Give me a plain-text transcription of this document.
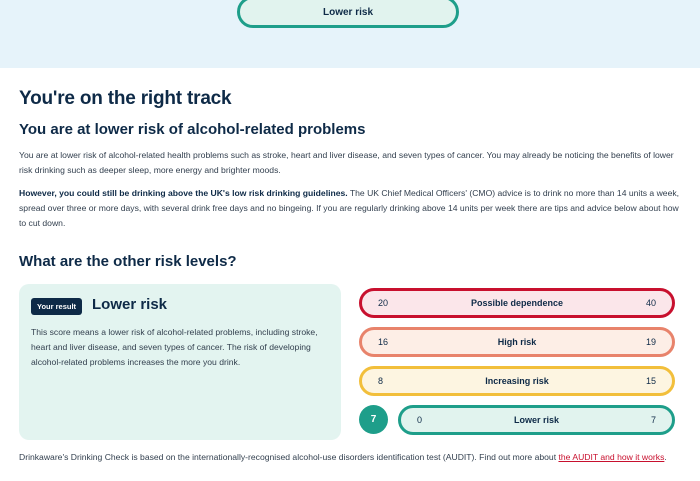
Lower risk
You're on the right track
You are at lower risk of alcohol-related problems

You are at lower risk of alcohol-related health problems such as stroke, heart and liver disease, and seven types of cancer. You may already be noticing the benefits of lower risk drinking such as deeper sleep, more energy and brighter moods.

However, you could still be drinking above the UK's low risk drinking guidelines. The UK Chief Medical Officers' (CMO) advice is to drink no more than 14 units a week, spread over three or more days, with several drink free days and no bingeing. If you are regularly drinking above 14 units per week there are tips and advice below about how to cut down.

What are the other risk levels?
Your result	Lower risk

This score means a lower risk of alcohol-related problems, including stroke, heart and liver disease, and seven types of cancer. The risk of developing alcohol-related problems increases the more you drink.

20	Possible dependence	40
16	High risk	19
8	Increasing risk	15
7	0	Lower risk	7

Drinkaware's Drinking Check is based on the internationally-recognised alcohol-use disorders identification test (AUDIT). Find out more about the AUDIT and how it works.
